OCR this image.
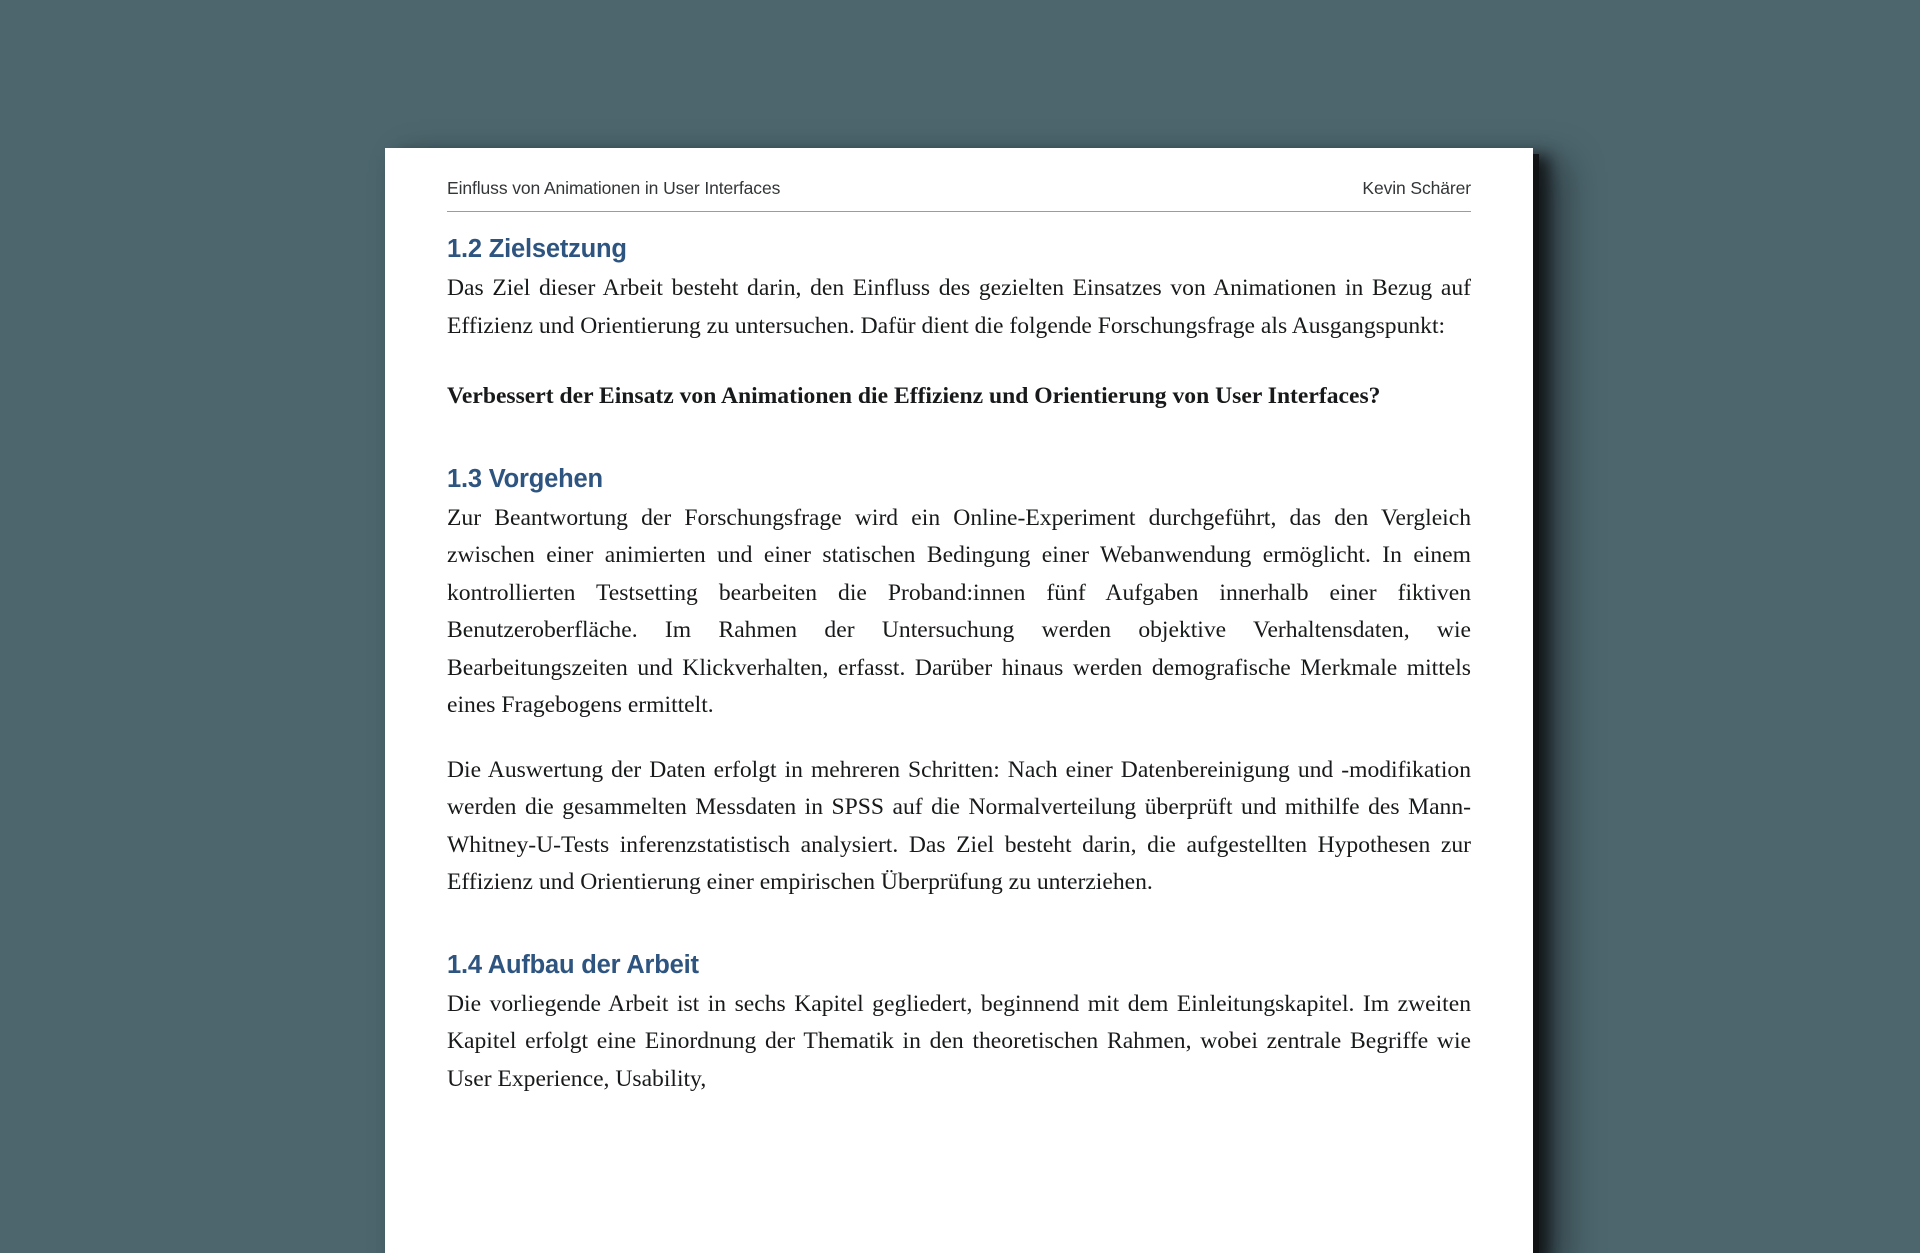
Einfluss von Animationen in User Interfaces	Kevin Schärer
1.2 Zielsetzung

Das Ziel dieser Arbeit besteht darin, den Einfluss des gezielten Einsatzes von Animationen in Bezug auf Effizienz und Orientierung zu untersuchen. Dafür dient die folgende Forschungsfrage als Ausgangspunkt:

Verbessert der Einsatz von Animationen die Effizienz und Orientierung von User Interfaces?

1.3 Vorgehen

Zur Beantwortung der Forschungsfrage wird ein Online-Experiment durchgeführt, das den Vergleich zwischen einer animierten und einer statischen Bedingung einer Webanwendung ermöglicht. In einem kontrollierten Testsetting bearbeiten die Proband:innen fünf Aufgaben innerhalb einer fiktiven Benutzeroberfläche. Im Rahmen der Untersuchung werden objektive Verhaltensdaten, wie Bearbeitungszeiten und Klickverhalten, erfasst. Darüber hinaus werden demografische Merkmale mittels eines Fragebogens ermittelt.

Die Auswertung der Daten erfolgt in mehreren Schritten: Nach einer Datenbereinigung und -modifikation werden die gesammelten Messdaten in SPSS auf die Normalverteilung überprüft und mithilfe des Mann-Whitney-U-Tests inferenzstatistisch analysiert. Das Ziel besteht darin, die aufgestellten Hypothesen zur Effizienz und Orientierung einer empirischen Überprüfung zu unterziehen.

1.4 Aufbau der Arbeit

Die vorliegende Arbeit ist in sechs Kapitel gegliedert, beginnend mit dem Einleitungskapitel. Im zweiten Kapitel erfolgt eine Einordnung der Thematik in den theoretischen Rahmen, wobei zentrale Begriffe wie User Experience, Usability,
